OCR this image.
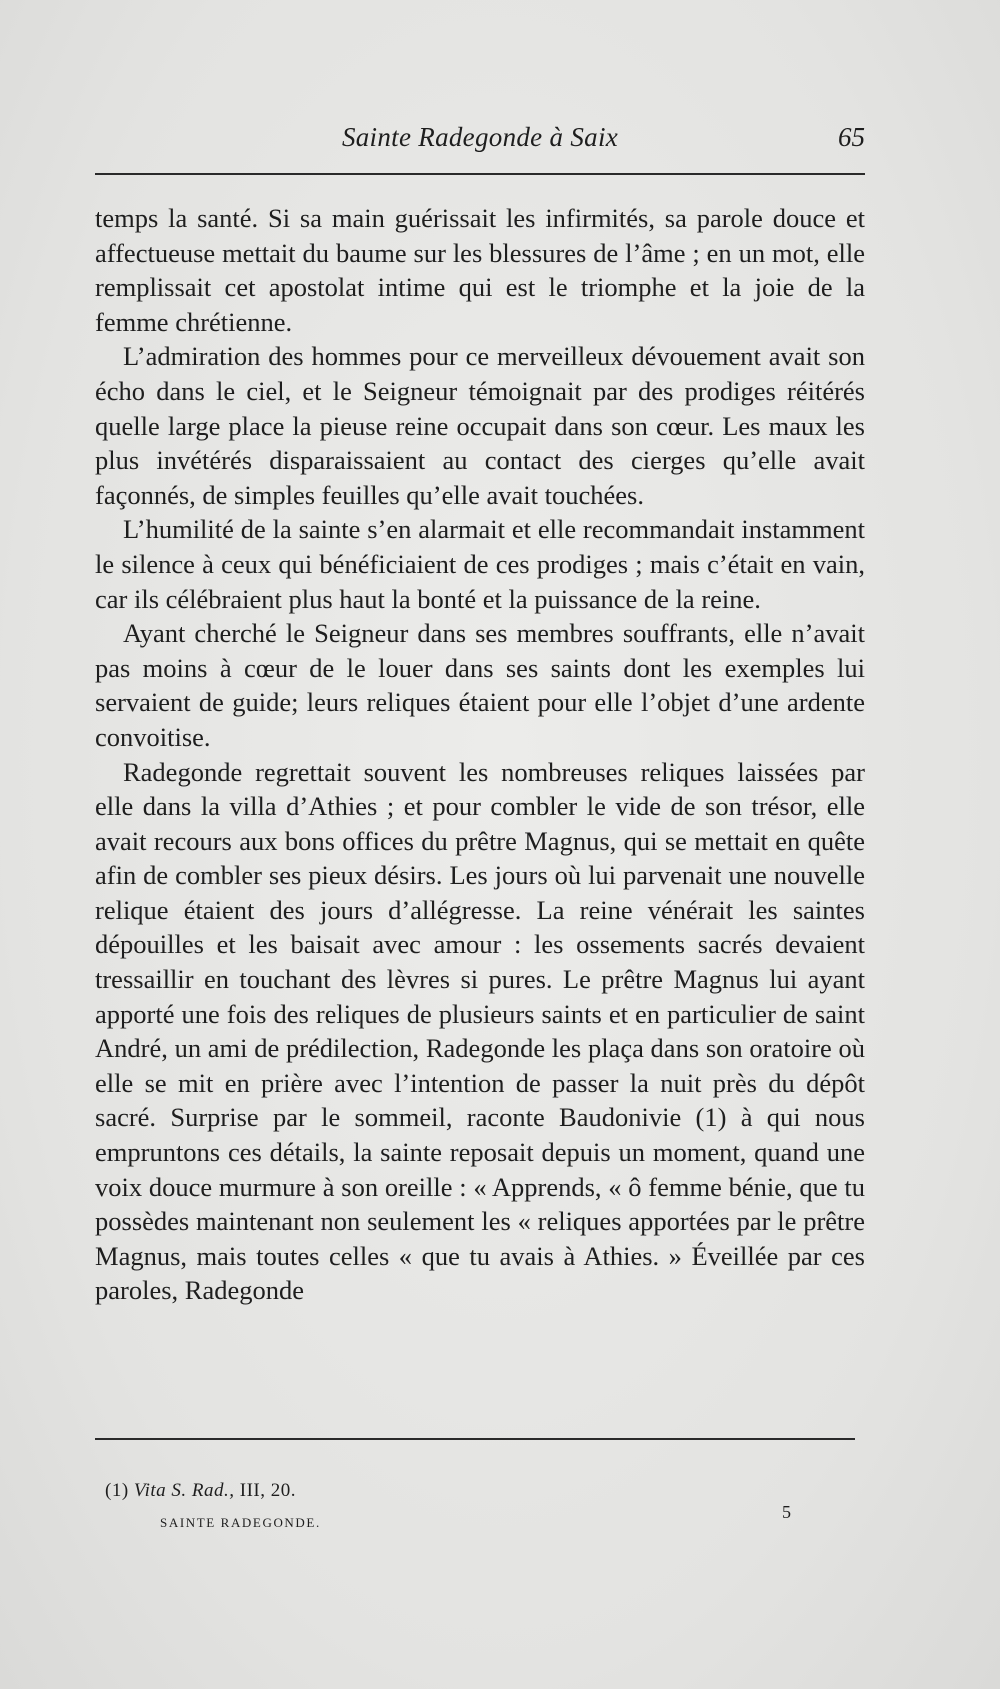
Sainte Radegonde à Saix	65

temps la santé. Si sa main guérissait les infirmités, sa parole douce et affectueuse mettait du baume sur les blessures de l’âme ; en un mot, elle remplissait cet apostolat intime qui est le triomphe et la joie de la femme chrétienne.

L’admiration des hommes pour ce merveilleux dévouement avait son écho dans le ciel, et le Seigneur témoignait par des prodiges réitérés quelle large place la pieuse reine occupait dans son cœur. Les maux les plus invétérés disparaissaient au contact des cierges qu’elle avait façonnés, de simples feuilles qu’elle avait touchées.

L’humilité de la sainte s’en alarmait et elle recommandait instamment le silence à ceux qui bénéficiaient de ces prodiges ; mais c’était en vain, car ils célébraient plus haut la bonté et la puissance de la reine.

Ayant cherché le Seigneur dans ses membres souffrants, elle n’avait pas moins à cœur de le louer dans ses saints dont les exemples lui servaient de guide; leurs reliques étaient pour elle l’objet d’une ardente convoitise.

Radegonde regrettait souvent les nombreuses reliques laissées par elle dans la villa d’Athies ; et pour combler le vide de son trésor, elle avait recours aux bons offices du prêtre Magnus, qui se mettait en quête afin de combler ses pieux désirs. Les jours où lui parvenait une nouvelle relique étaient des jours d’allégresse. La reine vénérait les saintes dépouilles et les baisait avec amour : les ossements sacrés devaient tressaillir en touchant des lèvres si pures. Le prêtre Magnus lui ayant apporté une fois des reliques de plusieurs saints et en particulier de saint André, un ami de prédilection, Radegonde les plaça dans son oratoire où elle se mit en prière avec l’intention de passer la nuit près du dépôt sacré. Surprise par le sommeil, raconte Baudonivie (1) à qui nous empruntons ces détails, la sainte reposait depuis un moment, quand une voix douce murmure à son oreille : « Apprends, « ô femme bénie, que tu possèdes maintenant non seulement les « reliques apportées par le prêtre Magnus, mais toutes celles « que tu avais à Athies. » Éveillée par ces paroles, Radegonde

(1) Vita S. Rad., III, 20.
SAINTE RADEGONDE.
5
